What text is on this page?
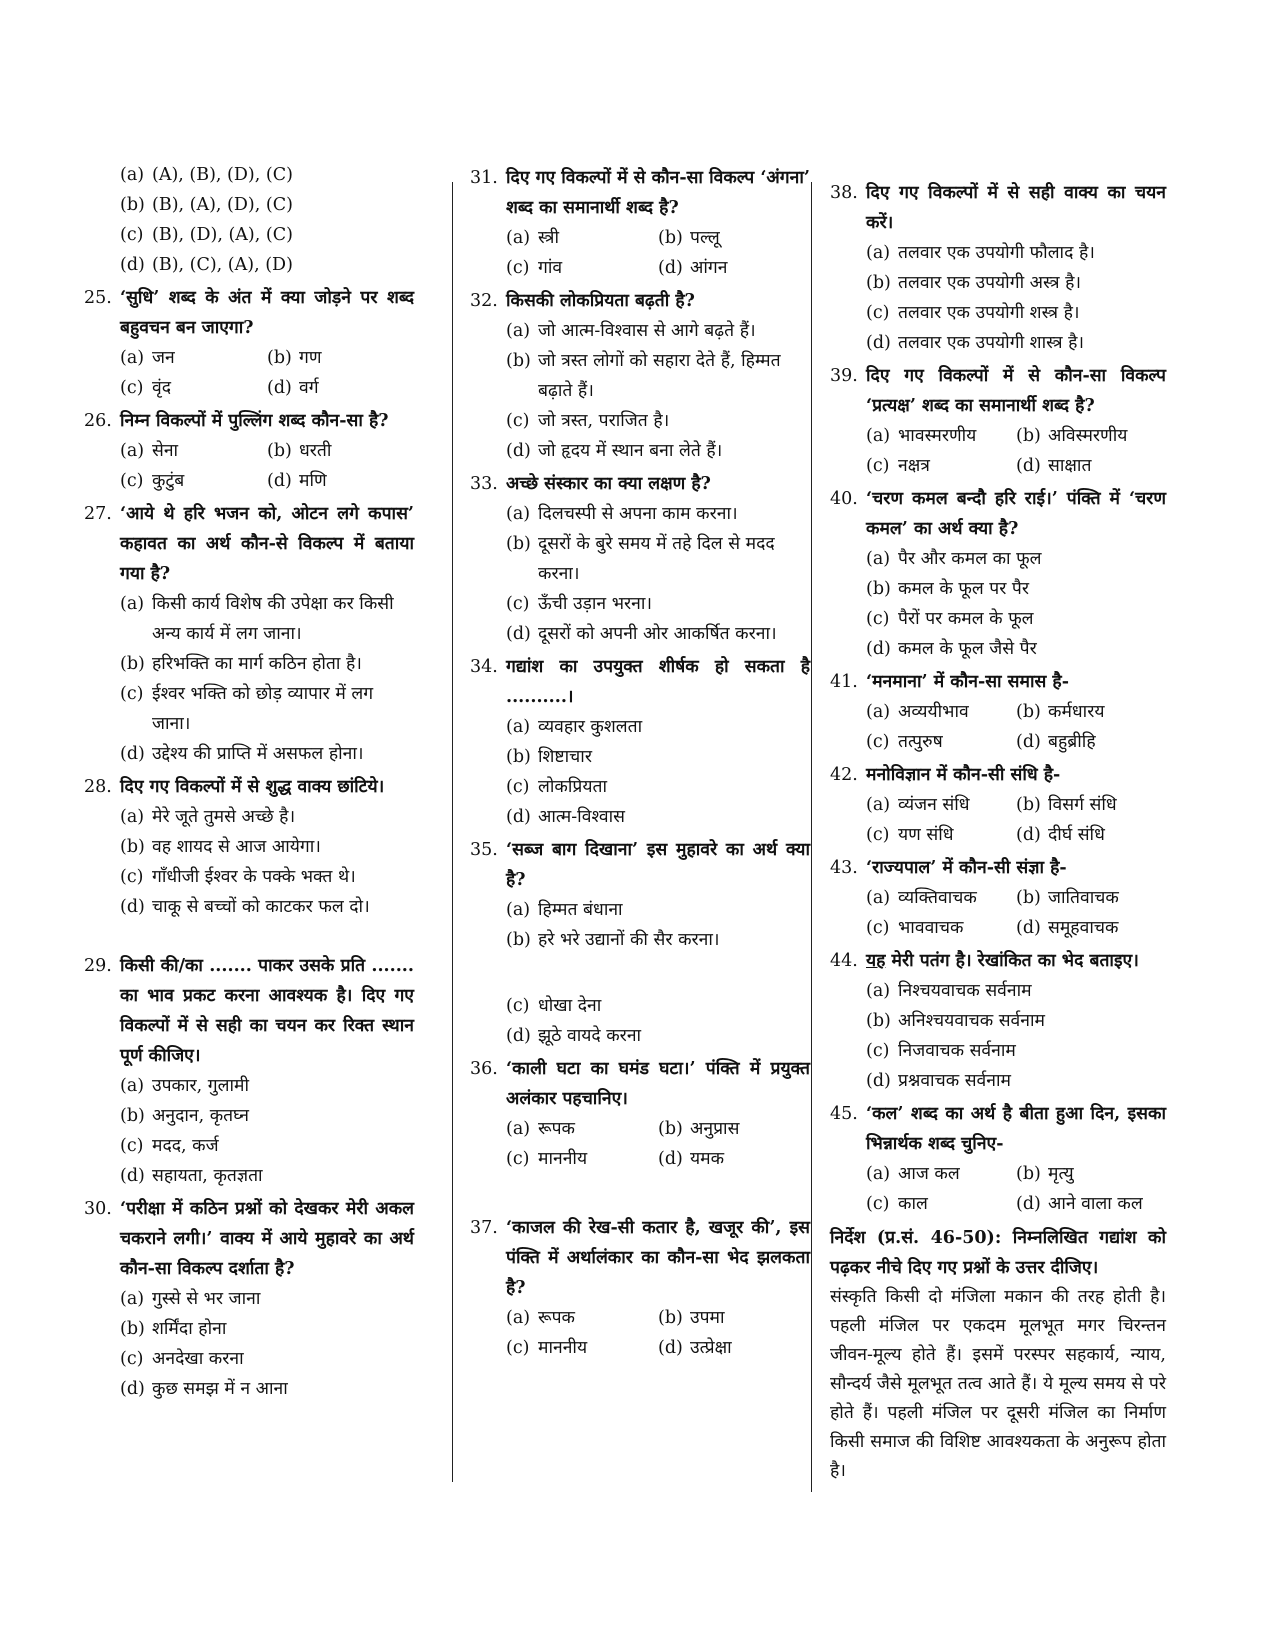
(a) (A), (B), (D), (C)
(b) (B), (A), (D), (C)
(c) (B), (D), (A), (C)
(d) (B), (C), (A), (D)
25. ‘सुधि’ शब्द के अंत में क्या जोड़ने पर शब्द बहुवचन बन जाएगा?
(a) जन	(b) गण
(c) वृंद	(d) वर्ग
26. निम्न विकल्पों में पुल्लिंग शब्द कौन-सा है?
(a) सेना	(b) धरती
(c) कुटुंब	(d) मणि
27. ‘आये थे हरि भजन को, ओटन लगे कपास’ कहावत का अर्थ कौन-से विकल्प में बताया गया है?
(a) किसी कार्य विशेष की उपेक्षा कर किसी अन्य कार्य में लग जाना।
(b) हरिभक्ति का मार्ग कठिन होता है।
(c) ईश्वर भक्ति को छोड़ व्यापार में लग जाना।
(d) उद्देश्य की प्राप्ति में असफल होना।
28. दिए गए विकल्पों में से शुद्ध वाक्य छांटिये।
(a) मेरे जूते तुमसे अच्छे है।
(b) वह शायद से आज आयेगा।
(c) गाँधीजी ईश्वर के पक्के भक्त थे।
(d) चाकू से बच्चों को काटकर फल दो।
29. किसी की/का ....... पाकर उसके प्रति ....... का भाव प्रकट करना आवश्यक है। दिए गए विकल्पों में से सही का चयन कर रिक्त स्थान पूर्ण कीजिए।
(a) उपकार, गुलामी
(b) अनुदान, कृतघ्न
(c) मदद, कर्ज
(d) सहायता, कृतज्ञता
30. ‘परीक्षा में कठिन प्रश्नों को देखकर मेरी अकल चकराने लगी।’ वाक्य में आये मुहावरे का अर्थ कौन-सा विकल्प दर्शाता है?
(a) गुस्से से भर जाना
(b) शर्मिंदा होना
(c) अनदेखा करना
(d) कुछ समझ में न आना
31. दिए गए विकल्पों में से कौन-सा विकल्प ‘अंगना’ शब्द का समानार्थी शब्द है?
(a) स्त्री	(b) पल्लू
(c) गांव	(d) आंगन
32. किसकी लोकप्रियता बढ़ती है?
(a) जो आत्म-विश्वास से आगे बढ़ते हैं।
(b) जो त्रस्त लोगों को सहारा देते हैं, हिम्मत बढ़ाते हैं।
(c) जो त्रस्त, पराजित है।
(d) जो हृदय में स्थान बना लेते हैं।
33. अच्छे संस्कार का क्या लक्षण है?
(a) दिलचस्पी से अपना काम करना।
(b) दूसरों के बुरे समय में तहे दिल से मदद करना।
(c) ऊँची उड़ान भरना।
(d) दूसरों को अपनी ओर आकर्षित करना।
34. गद्यांश का उपयुक्त शीर्षक हो सकता है ..........।
(a) व्यवहार कुशलता
(b) शिष्टाचार
(c) लोकप्रियता
(d) आत्म-विश्वास
35. ‘सब्ज बाग दिखाना’ इस मुहावरे का अर्थ क्या है?
(a) हिम्मत बंधाना
(b) हरे भरे उद्यानों की सैर करना।
(c) धोखा देना
(d) झूठे वायदे करना
36. ‘काली घटा का घमंड घटा।’ पंक्ति में प्रयुक्त अलंकार पहचानिए।
(a) रूपक	(b) अनुप्रास
(c) माननीय	(d) यमक
37. ‘काजल की रेख-सी कतार है, खजूर की’, इस पंक्ति में अर्थालंकार का कौन-सा भेद झलकता है?
(a) रूपक	(b) उपमा
(c) माननीय	(d) उत्प्रेक्षा
38. दिए गए विकल्पों में से सही वाक्य का चयन करें।
(a) तलवार एक उपयोगी फौलाद है।
(b) तलवार एक उपयोगी अस्त्र है।
(c) तलवार एक उपयोगी शस्त्र है।
(d) तलवार एक उपयोगी शास्त्र है।
39. दिए गए विकल्पों में से कौन-सा विकल्प ‘प्रत्यक्ष’ शब्द का समानार्थी शब्द है?
(a) भावस्मरणीय	(b) अविस्मरणीय
(c) नक्षत्र	(d) साक्षात
40. ‘चरण कमल बन्दौ हरि राई।’ पंक्ति में ‘चरण कमल’ का अर्थ क्या है?
(a) पैर और कमल का फूल
(b) कमल के फूल पर पैर
(c) पैरों पर कमल के फूल
(d) कमल के फूल जैसे पैर
41. ‘मनमाना’ में कौन-सा समास है-
(a) अव्ययीभाव	(b) कर्मधारय
(c) तत्पुरुष	(d) बहुब्रीहि
42. मनोविज्ञान में कौन-सी संधि है-
(a) व्यंजन संधि	(b) विसर्ग संधि
(c) यण संधि	(d) दीर्घ संधि
43. ‘राज्यपाल’ में कौन-सी संज्ञा है-
(a) व्यक्तिवाचक	(b) जातिवाचक
(c) भाववाचक	(d) समूहवाचक
44. यह मेरी पतंग है। रेखांकित का भेद बताइए।
(a) निश्चयवाचक सर्वनाम
(b) अनिश्चयवाचक सर्वनाम
(c) निजवाचक सर्वनाम
(d) प्रश्नवाचक सर्वनाम
45. ‘कल’ शब्द का अर्थ है बीता हुआ दिन, इसका भिन्नार्थक शब्द चुनिए-
(a) आज कल	(b) मृत्यु
(c) काल	(d) आने वाला कल
निर्देश (प्र.सं. 46-50): निम्नलिखित गद्यांश को पढ़कर नीचे दिए गए प्रश्नों के उत्तर दीजिए।
संस्कृति किसी दो मंजिला मकान की तरह होती है। पहली मंजिल पर एकदम मूलभूत मगर चिरन्तन जीवन-मूल्य होते हैं। इसमें परस्पर सहकार्य, न्याय, सौन्दर्य जैसे मूलभूत तत्व आते हैं। ये मूल्य समय से परे होते हैं। पहली मंजिल पर दूसरी मंजिल का निर्माण किसी समाज की विशिष्ट आवश्यकता के अनुरूप होता है।
